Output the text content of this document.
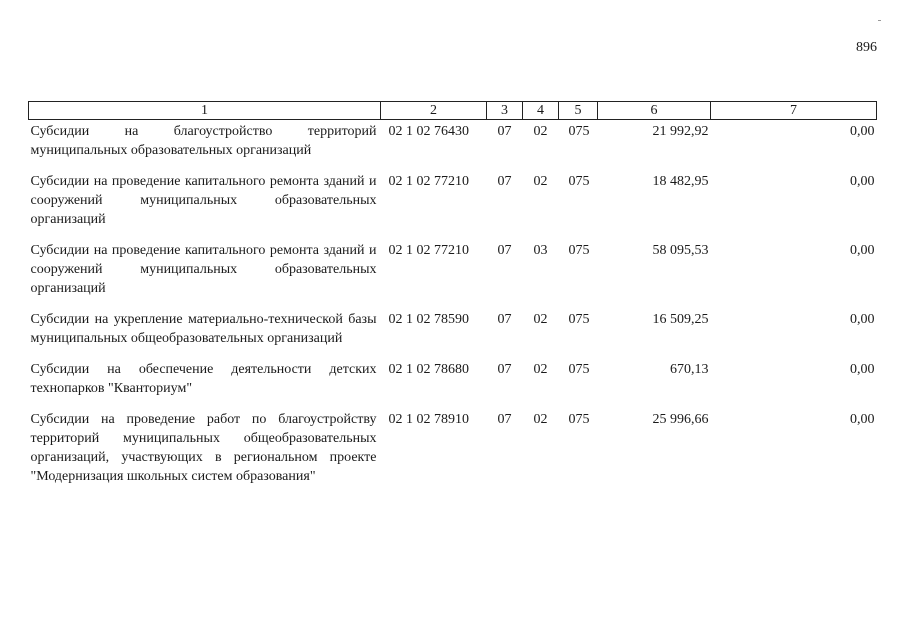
896
1	2	3	4	5	6	7
Субсидии на благоустройство территорий муниципальных образовательных организаций	02 1 02 76430	07	02	075	21 992,92	0,00
Субсидии на проведение капитального ремонта зданий и сооружений муниципальных образовательных организаций	02 1 02 77210	07	02	075	18 482,95	0,00
Субсидии на проведение капитального ремонта зданий и сооружений муниципальных образовательных организаций	02 1 02 77210	07	03	075	58 095,53	0,00
Субсидии на укрепление материально-технической базы муниципальных общеобразовательных организаций	02 1 02 78590	07	02	075	16 509,25	0,00
Субсидии на обеспечение деятельности детских технопарков "Кванториум"	02 1 02 78680	07	02	075	670,13	0,00
Субсидии на проведение работ по благоустройству территорий муниципальных общеобразовательных организаций, участвующих в региональном проекте "Модернизация школьных систем образования"	02 1 02 78910	07	02	075	25 996,66	0,00
